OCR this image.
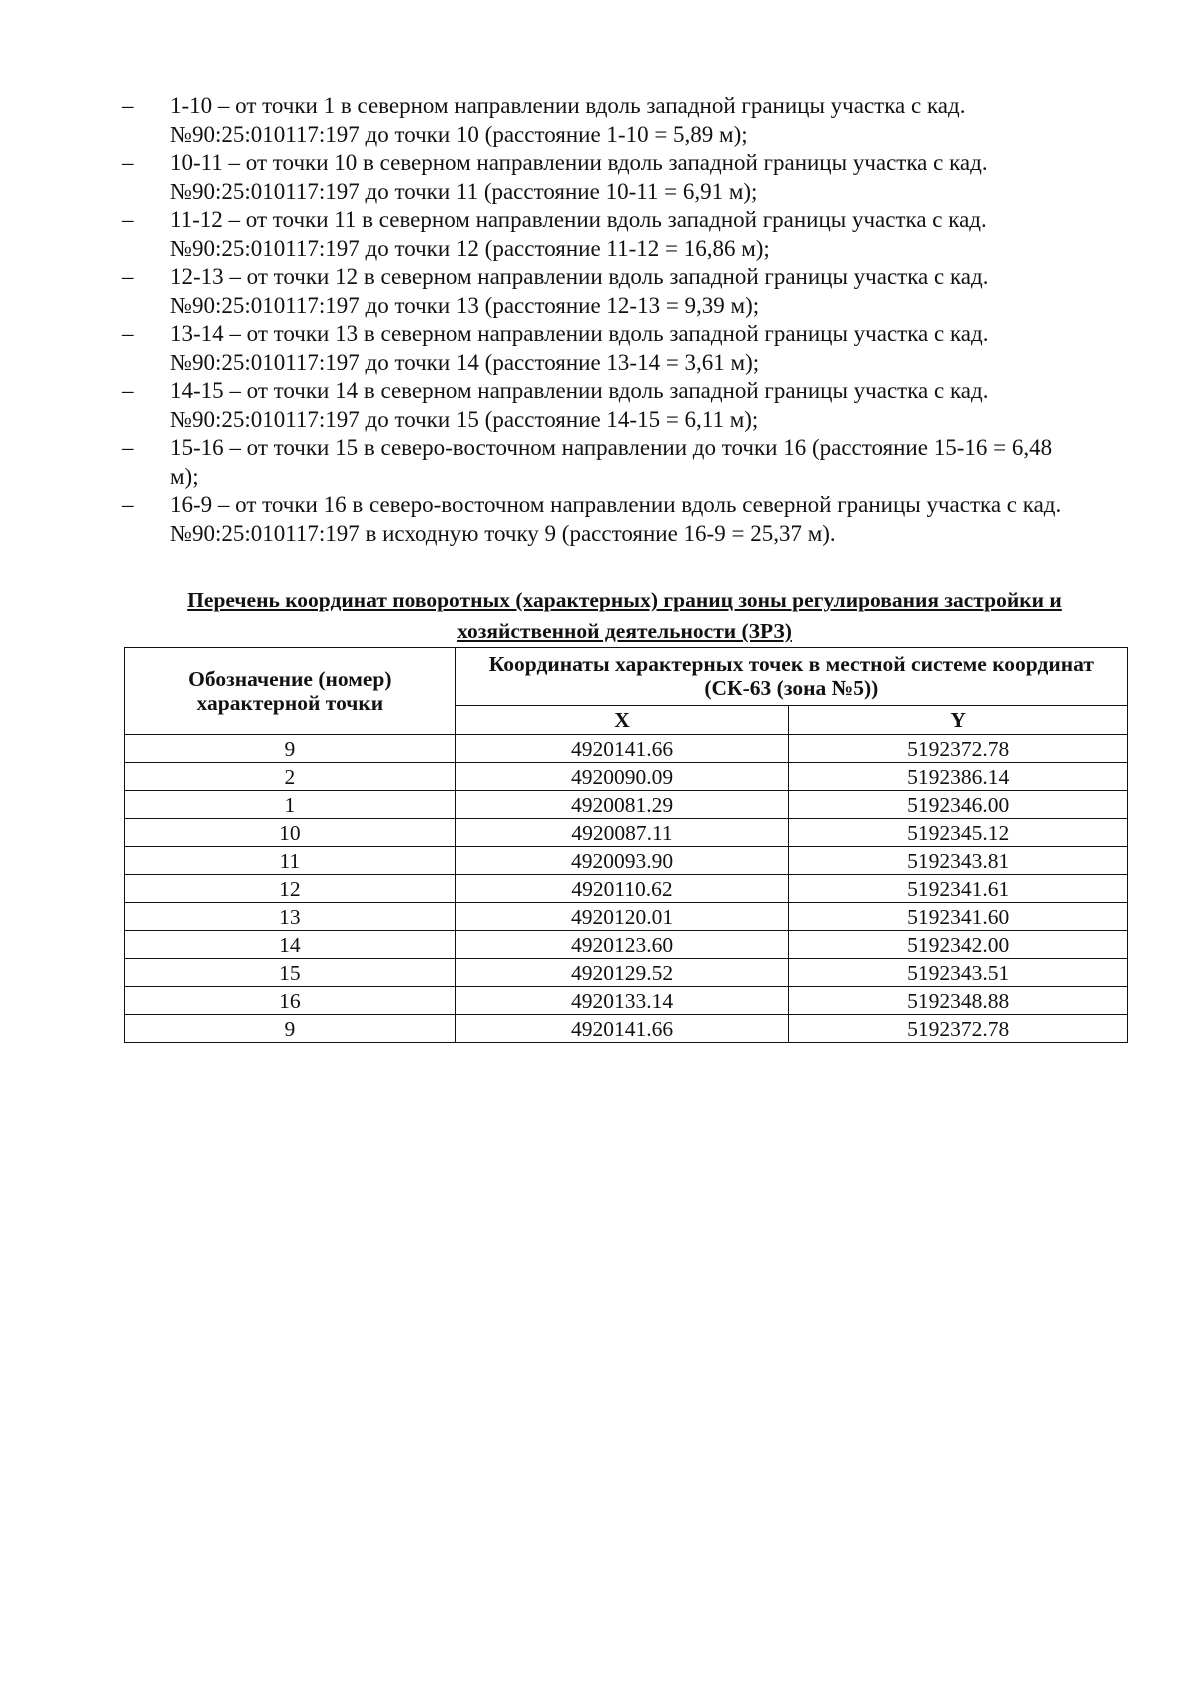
– 1-10 – от точки 1 в северном направлении вдоль западной границы участка с кад. №90:25:010117:197 до точки 10 (расстояние 1-10 = 5,89 м);
– 10-11 – от точки 10 в северном направлении вдоль западной границы участка с кад. №90:25:010117:197 до точки 11 (расстояние 10-11 = 6,91 м);
– 11-12 – от точки 11 в северном направлении вдоль западной границы участка с кад. №90:25:010117:197 до точки 12 (расстояние 11-12 = 16,86 м);
– 12-13 – от точки 12 в северном направлении вдоль западной границы участка с кад. №90:25:010117:197 до точки 13 (расстояние 12-13 = 9,39 м);
– 13-14 – от точки 13 в северном направлении вдоль западной границы участка с кад. №90:25:010117:197 до точки 14 (расстояние 13-14 = 3,61 м);
– 14-15 – от точки 14 в северном направлении вдоль западной границы участка с кад. №90:25:010117:197 до точки 15 (расстояние 14-15 = 6,11 м);
– 15-16 – от точки 15 в северо-восточном направлении до точки 16 (расстояние 15-16 = 6,48 м);
– 16-9 – от точки 16 в северо-восточном направлении вдоль северной границы участка с кад. №90:25:010117:197 в исходную точку 9 (расстояние 16-9 = 25,37 м).
Перечень координат поворотных (характерных) границ зоны регулирования застройки и хозяйственной деятельности (ЗРЗ)
Обозначение (номер) характерной точки	Координаты характерных точек в местной системе координат (СК-63 (зона №5))	
	X	Y
9	4920141.66	5192372.78
2	4920090.09	5192386.14
1	4920081.29	5192346.00
10	4920087.11	5192345.12
11	4920093.90	5192343.81
12	4920110.62	5192341.61
13	4920120.01	5192341.60
14	4920123.60	5192342.00
15	4920129.52	5192343.51
16	4920133.14	5192348.88
9	4920141.66	5192372.78
